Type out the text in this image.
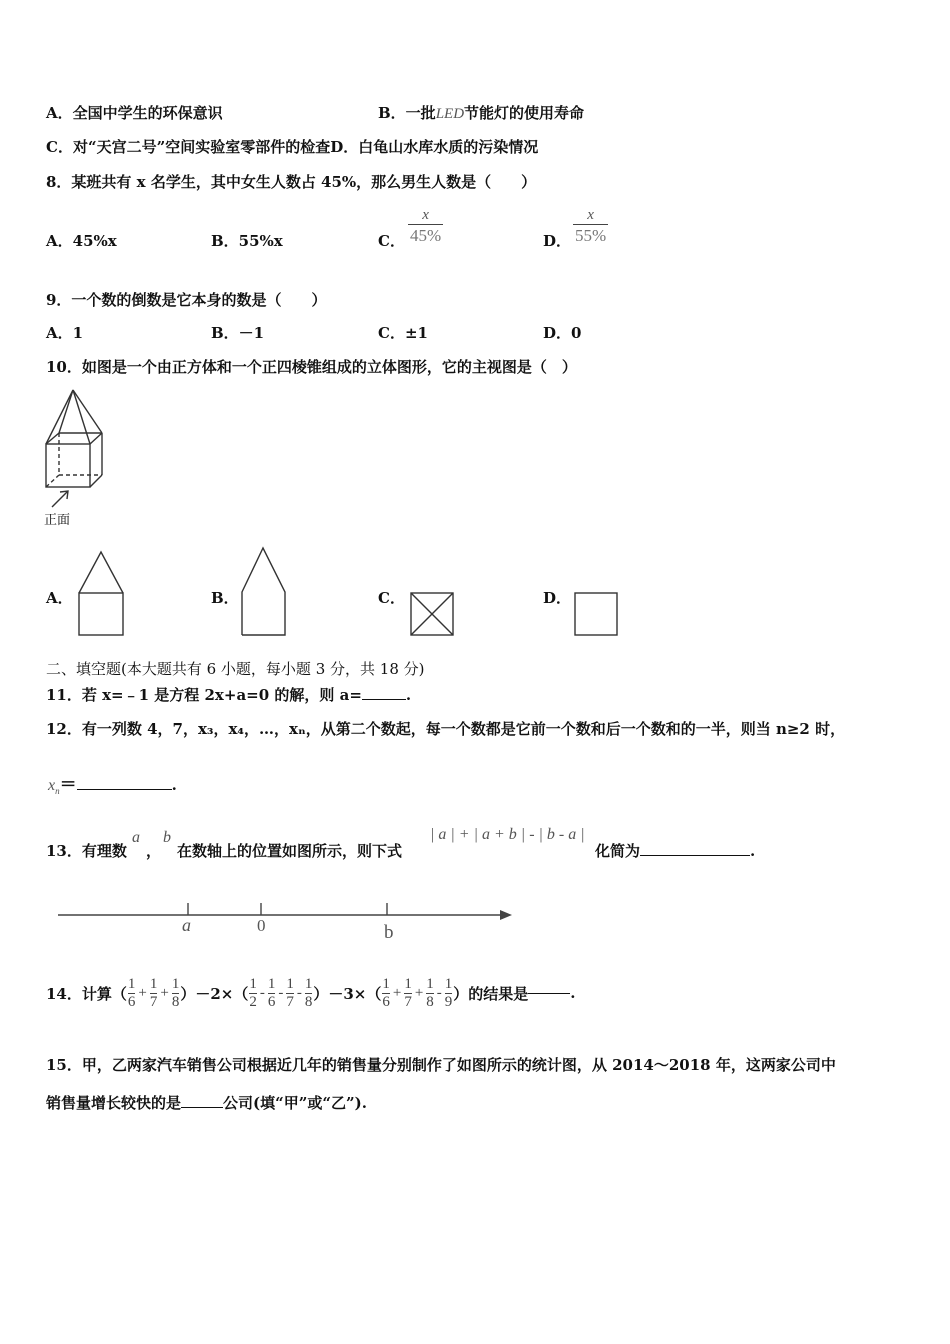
A．全国中学生的环保意识	B．一批LED节能灯的使用寿命
C．对“天宫二号”空间实验室零部件的检查D．白龟山水库水质的污染情况
8．某班共有 x 名学生，其中女生人数占 45%，那么男生人数是（　　）
A．45%x	B．55%x	C． $\frac{x}{45\%}$	D． $\frac{x}{55\%}$
9．一个数的倒数是它本身的数是（　　）
A．1	B．－1	C．±1	D．0
10．如图是一个由正方体和一个正四棱锥组成的立体图形，它的主视图是（　）
正面
A．	B．	C．	D．
二、填空题(本大题共有 6 小题，每小题 3 分，共 18 分)
11．若 x=﹣1 是方程 2x+a=0 的解，则 a=	.
12．有一列数 4，7，x₃，x₄，…，xₙ，从第二个数起，每一个数都是它前一个数和后一个数和的一半，则当 n≥2 时，
$x_n=$	.
13．有理数
a
，
b
在数轴上的位置如图所示，则下式
| a | + | a + b | - | b - a |
化简为	.
a	0	b
14．计算（ $\frac{1}{6} + \frac{1}{7} + \frac{1}{8} )-2\times( \frac{1}{2} - \frac{1}{6} - \frac{1}{7} - \frac{1}{8} )-3\times( \frac{1}{6} + \frac{1}{7} + \frac{1}{8} - \frac{1}{9}$ ）的结果是	.
15．甲，乙两家汽车销售公司根据近几年的销售量分别制作了如图所示的统计图，从 2014～2018 年，这两家公司中
销售量增长较快的是	公司(填“甲”或“乙”).
